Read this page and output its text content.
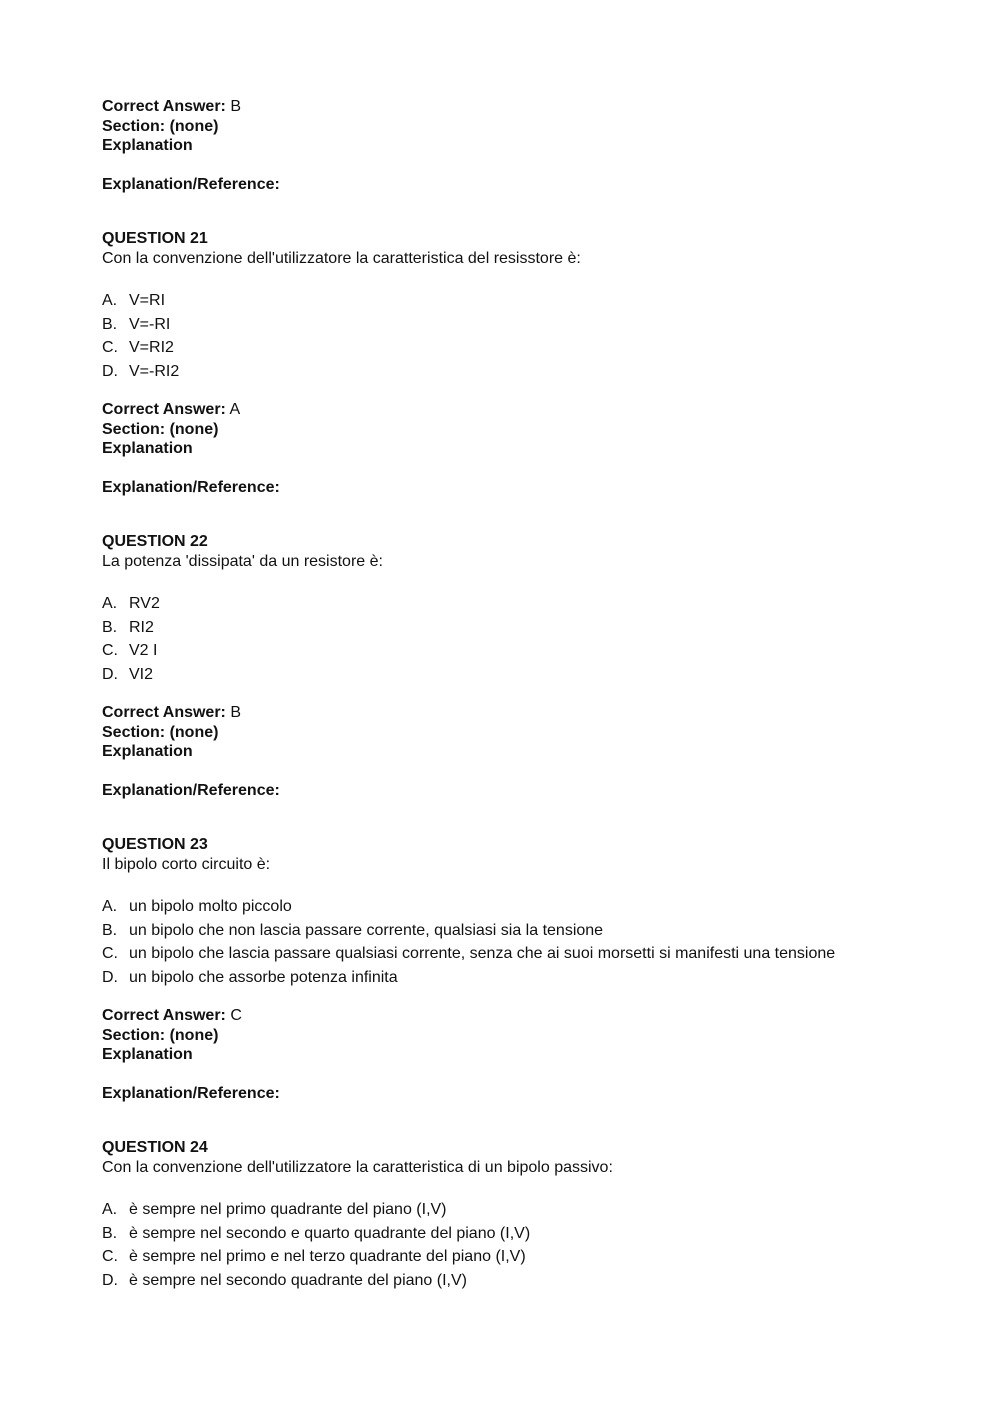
Correct Answer: B
Section: (none)
Explanation
Explanation/Reference:
QUESTION 21
Con la convenzione dell'utilizzatore la caratteristica del resisstore è:
A. V=RI
B. V=-RI
C. V=RI2
D. V=-RI2
Correct Answer: A
Section: (none)
Explanation
Explanation/Reference:
QUESTION 22
La potenza 'dissipata' da un resistore è:
A. RV2
B. RI2
C. V2 I
D. VI2
Correct Answer: B
Section: (none)
Explanation
Explanation/Reference:
QUESTION 23
Il bipolo corto circuito è:
A. un bipolo molto piccolo
B. un bipolo che non lascia passare corrente, qualsiasi sia la tensione
C. un bipolo che lascia passare qualsiasi corrente, senza che ai suoi morsetti si manifesti una tensione
D. un bipolo che assorbe potenza infinita
Correct Answer: C
Section: (none)
Explanation
Explanation/Reference:
QUESTION 24
Con la convenzione dell'utilizzatore la caratteristica di un bipolo passivo:
A. è sempre nel primo quadrante del piano (I,V)
B. è sempre nel secondo e quarto quadrante del piano (I,V)
C. è sempre nel primo e nel terzo quadrante del piano (I,V)
D. è sempre nel secondo quadrante del piano (I,V)
